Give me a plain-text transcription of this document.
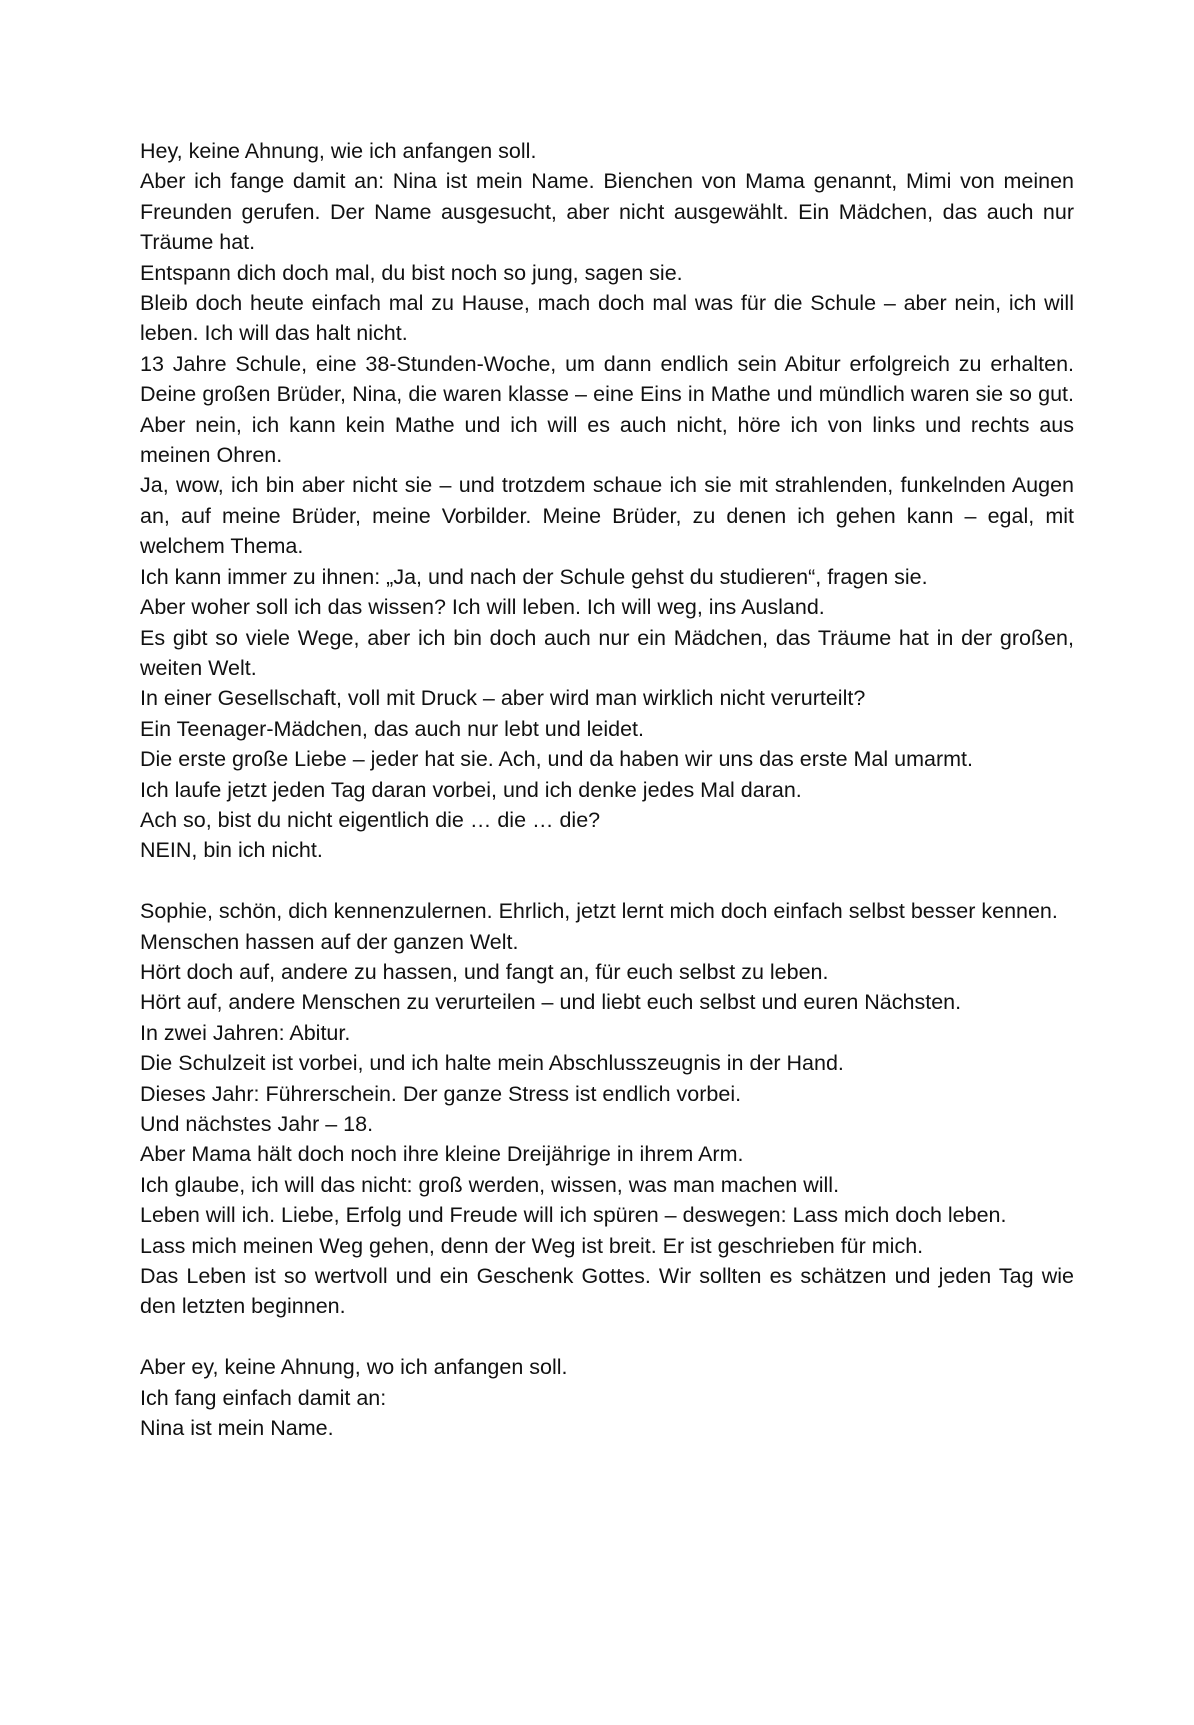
Hey, keine Ahnung, wie ich anfangen soll.

Aber ich fange damit an: Nina ist mein Name. Bienchen von Mama genannt, Mimi von meinen Freunden gerufen. Der Name ausgesucht, aber nicht ausgewählt. Ein Mädchen, das auch nur Träume hat.

Entspann dich doch mal, du bist noch so jung, sagen sie.

Bleib doch heute einfach mal zu Hause, mach doch mal was für die Schule – aber nein, ich will leben. Ich will das halt nicht.

13 Jahre Schule, eine 38-Stunden-Woche, um dann endlich sein Abitur erfolgreich zu erhalten. Deine großen Brüder, Nina, die waren klasse – eine Eins in Mathe und mündlich waren sie so gut. Aber nein, ich kann kein Mathe und ich will es auch nicht, höre ich von links und rechts aus meinen Ohren.

Ja, wow, ich bin aber nicht sie – und trotzdem schaue ich sie mit strahlenden, funkelnden Augen an, auf meine Brüder, meine Vorbilder. Meine Brüder, zu denen ich gehen kann – egal, mit welchem Thema.

Ich kann immer zu ihnen: „Ja, und nach der Schule gehst du studieren“, fragen sie.

Aber woher soll ich das wissen? Ich will leben. Ich will weg, ins Ausland.

Es gibt so viele Wege, aber ich bin doch auch nur ein Mädchen, das Träume hat in der großen, weiten Welt.

In einer Gesellschaft, voll mit Druck – aber wird man wirklich nicht verurteilt?

Ein Teenager-Mädchen, das auch nur lebt und leidet.

Die erste große Liebe – jeder hat sie. Ach, und da haben wir uns das erste Mal umarmt.

Ich laufe jetzt jeden Tag daran vorbei, und ich denke jedes Mal daran.

Ach so, bist du nicht eigentlich die … die … die?

NEIN, bin ich nicht.

Sophie, schön, dich kennenzulernen. Ehrlich, jetzt lernt mich doch einfach selbst besser kennen.

Menschen hassen auf der ganzen Welt.

Hört doch auf, andere zu hassen, und fangt an, für euch selbst zu leben.

Hört auf, andere Menschen zu verurteilen – und liebt euch selbst und euren Nächsten.

In zwei Jahren: Abitur.

Die Schulzeit ist vorbei, und ich halte mein Abschlusszeugnis in der Hand.

Dieses Jahr: Führerschein. Der ganze Stress ist endlich vorbei.

Und nächstes Jahr – 18.

Aber Mama hält doch noch ihre kleine Dreijährige in ihrem Arm.

Ich glaube, ich will das nicht: groß werden, wissen, was man machen will.

Leben will ich. Liebe, Erfolg und Freude will ich spüren – deswegen: Lass mich doch leben.

Lass mich meinen Weg gehen, denn der Weg ist breit. Er ist geschrieben für mich.

Das Leben ist so wertvoll und ein Geschenk Gottes. Wir sollten es schätzen und jeden Tag wie den letzten beginnen.

Aber ey, keine Ahnung, wo ich anfangen soll.

Ich fang einfach damit an:

Nina ist mein Name.
